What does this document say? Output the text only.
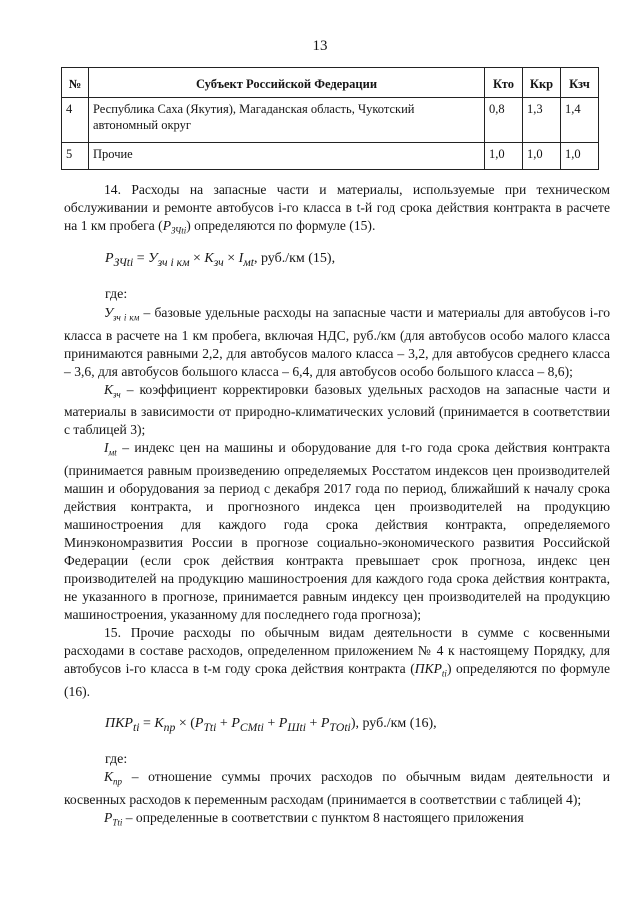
13
№	Субъект Российской Федерации	Кто	Ккр	Кзч
4	Республика Саха (Якутия), Магаданская область, Чукотский автономный округ	0,8	1,3	1,4
5	Прочие	1,0	1,0	1,0

14. Расходы на запасные части и материалы, используемые при техническом обслуживании и ремонте автобусов i-го класса в t-й год срока действия контракта в расчете на 1 км пробега $(Р_{ЗЧti})$ определяются по формуле (15).

$Р_{ЗЧti} = У_{зч i км} \times К_{зч} \times I_{мt}$, руб./км (15),
где:

$У_{зч i км}$ – базовые удельные расходы на запасные части и материалы для автобусов i-го класса в расчете на 1 км пробега, включая НДС, руб./км (для автобусов особо малого класса принимаются равными 2,2, для автобусов малого класса – 3,2, для автобусов среднего класса – 3,6, для автобусов большого класса – 6,4, для автобусов особо большого класса – 8,6);

$К_{зч}$ – коэффициент корректировки базовых удельных расходов на запасные части и материалы в зависимости от природно-климатических условий (принимается в соответствии с таблицей 3);

$I_{мt}$ – индекс цен на машины и оборудование для t-го года срока действия контракта (принимается равным произведению определяемых Росстатом индексов цен производителей машин и оборудования за период с декабря 2017 года по период, ближайший к началу срока действия контракта, и прогнозного индекса цен производителей на продукцию машиностроения для каждого года срока действия контракта, определяемого Минэкономразвития России в прогнозе социально-экономического развития Российской Федерации (если срок действия контракта превышает срок прогноза, индекс цен производителей на продукцию машиностроения для каждого года срока действия контракта, не указанного в прогнозе, принимается равным индексу цен производителей на продукцию машиностроения, указанному для последнего года прогноза);

15. Прочие расходы по обычным видам деятельности в сумме с косвенными расходами в составе расходов, определенном приложением № 4 к настоящему Порядку, для автобусов i-го класса в t-м году срока действия контракта $(ПКР_{ti})$ определяются по формуле (16).

$ПКР_{ti} = К_{пр} \times (Р_{Тti} + Р_{СМti} + Р_{Шti} + Р_{ТОti})$, руб./км (16),
где:

$К_{пр}$ – отношение суммы прочих расходов по обычным видам деятельности и косвенных расходов к переменным расходам (принимается в соответствии с таблицей 4);

$Р_{Тti}$ – определенные в соответствии с пунктом 8 настоящего приложения
